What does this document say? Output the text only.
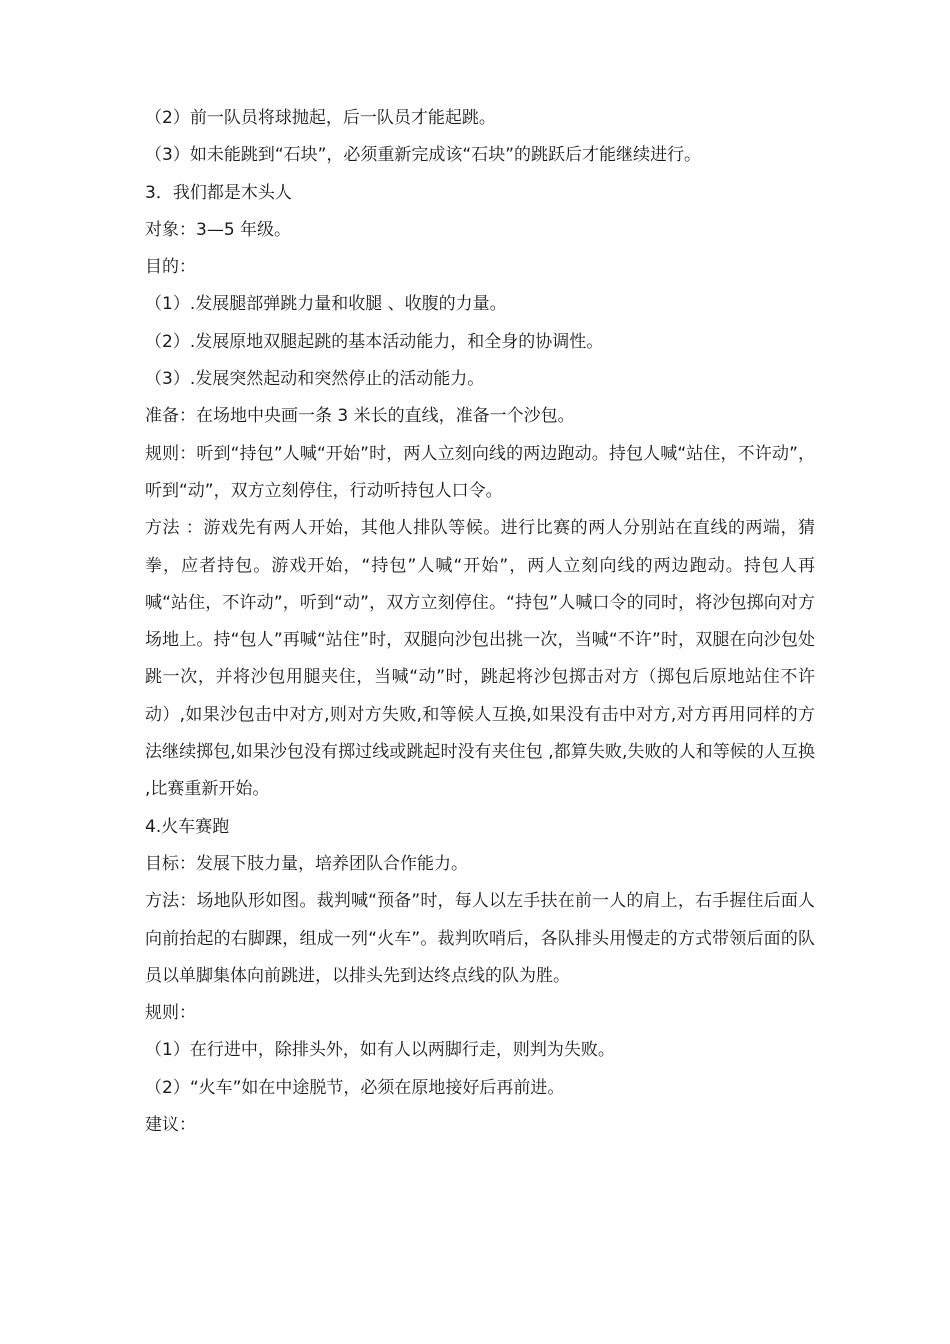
（2）前一队员将球抛起，后一队员才能起跳。

（3）如未能跳到“石块”，必须重新完成该“石块”的跳跃后才能继续进行。

3．我们都是木头人

对象：3—5 年级。

目的：

（1）.发展腿部弹跳力量和收腿 、收腹的力量。

（2）.发展原地双腿起跳的基本活动能力，和全身的协调性。

（3）.发展突然起动和突然停止的活动能力。

准备：在场地中央画一条 3 米长的直线，准备一个沙包。

规则：听到“持包”人喊“开始”时，两人立刻向线的两边跑动。持包人喊“站住，不许动”，听到“动”，双方立刻停住，行动听持包人口令。

方法 ：游戏先有两人开始，其他人排队等候。进行比赛的两人分别站在直线的两端，猜拳，应者持包。游戏开始，“持包”人喊“开始”，两人立刻向线的两边跑动。持包人再喊“站住，不许动”，听到“动”，双方立刻停住。“持包”人喊口令的同时，将沙包掷向对方场地上。持“包人”再喊“站住”时，双腿向沙包出挑一次，当喊“不许”时，双腿在向沙包处跳一次，并将沙包用腿夹住，当喊“动”时，跳起将沙包掷击对方（掷包后原地站住不许动）,如果沙包击中对方,则对方失败,和等候人互换,如果没有击中对方,对方再用同样的方法继续掷包,如果沙包没有掷过线或跳起时没有夹住包 ,都算失败,失败的人和等候的人互换 ,比赛重新开始。

4.火车赛跑

目标：发展下肢力量，培养团队合作能力。

方法：场地队形如图。裁判喊“预备”时，每人以左手扶在前一人的肩上，右手握住后面人向前抬起的右脚踝，组成一列“火车”。裁判吹哨后，各队排头用慢走的方式带领后面的队员以单脚集体向前跳进，以排头先到达终点线的队为胜。

规则：

（1）在行进中，除排头外，如有人以两脚行走，则判为失败。

（2）“火车”如在中途脱节，必须在原地接好后再前进。

建议：
